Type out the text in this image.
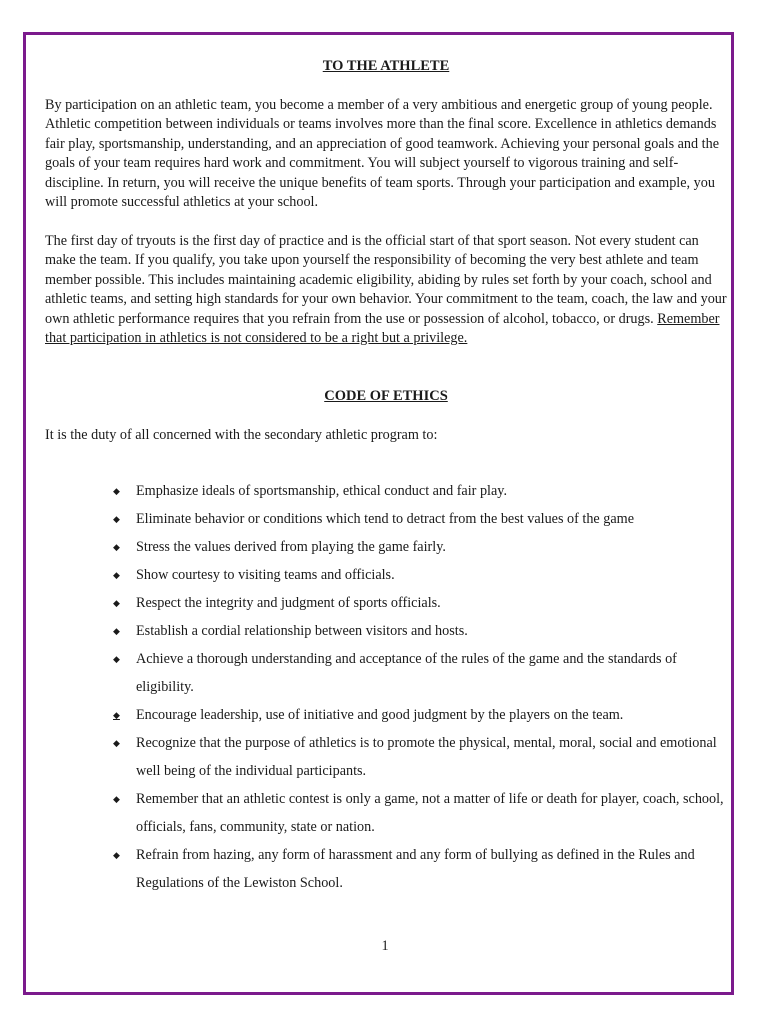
TO THE ATHLETE

By participation on an athletic team, you become a member of a very ambitious and energetic group of young people. Athletic competition between individuals or teams involves more than the final score. Excellence in athletics demands fair play, sportsmanship, understanding, and an appreciation of good teamwork. Achieving your personal goals and the goals of your team requires hard work and commitment. You will subject yourself to vigorous training and self-discipline. In return, you will receive the unique benefits of team sports. Through your participation and example, you will promote successful athletics at your school.

The first day of tryouts is the first day of practice and is the official start of that sport season. Not every student can make the team. If you qualify, you take upon yourself the responsibility of becoming the very best athlete and team member possible. This includes maintaining academic eligibility, abiding by rules set forth by your coach, school and athletic teams, and setting high standards for your own behavior. Your commitment to the team, coach, the law and your own athletic performance requires that you refrain from the use or possession of alcohol, tobacco, or drugs. Remember that participation in athletics is not considered to be a right but a privilege.

CODE OF ETHICS

It is the duty of all concerned with the secondary athletic program to:

◆ Emphasize ideals of sportsmanship, ethical conduct and fair play.
◆ Eliminate behavior or conditions which tend to detract from the best values of the game
◆ Stress the values derived from playing the game fairly.
◆ Show courtesy to visiting teams and officials.
◆ Respect the integrity and judgment of sports officials.
◆ Establish a cordial relationship between visitors and hosts.
◆ Achieve a thorough understanding and acceptance of the rules of the game and the standards of eligibility.
◆ Encourage leadership, use of initiative and good judgment by the players on the team.
◆ Recognize that the purpose of athletics is to promote the physical, mental, moral, social and emotional well being of the individual participants.
◆ Remember that an athletic contest is only a game, not a matter of life or death for player, coach, school, officials, fans, community, state or nation.
◆ Refrain from hazing, any form of harassment and any form of bullying as defined in the Rules and Regulations of the Lewiston School.
1
